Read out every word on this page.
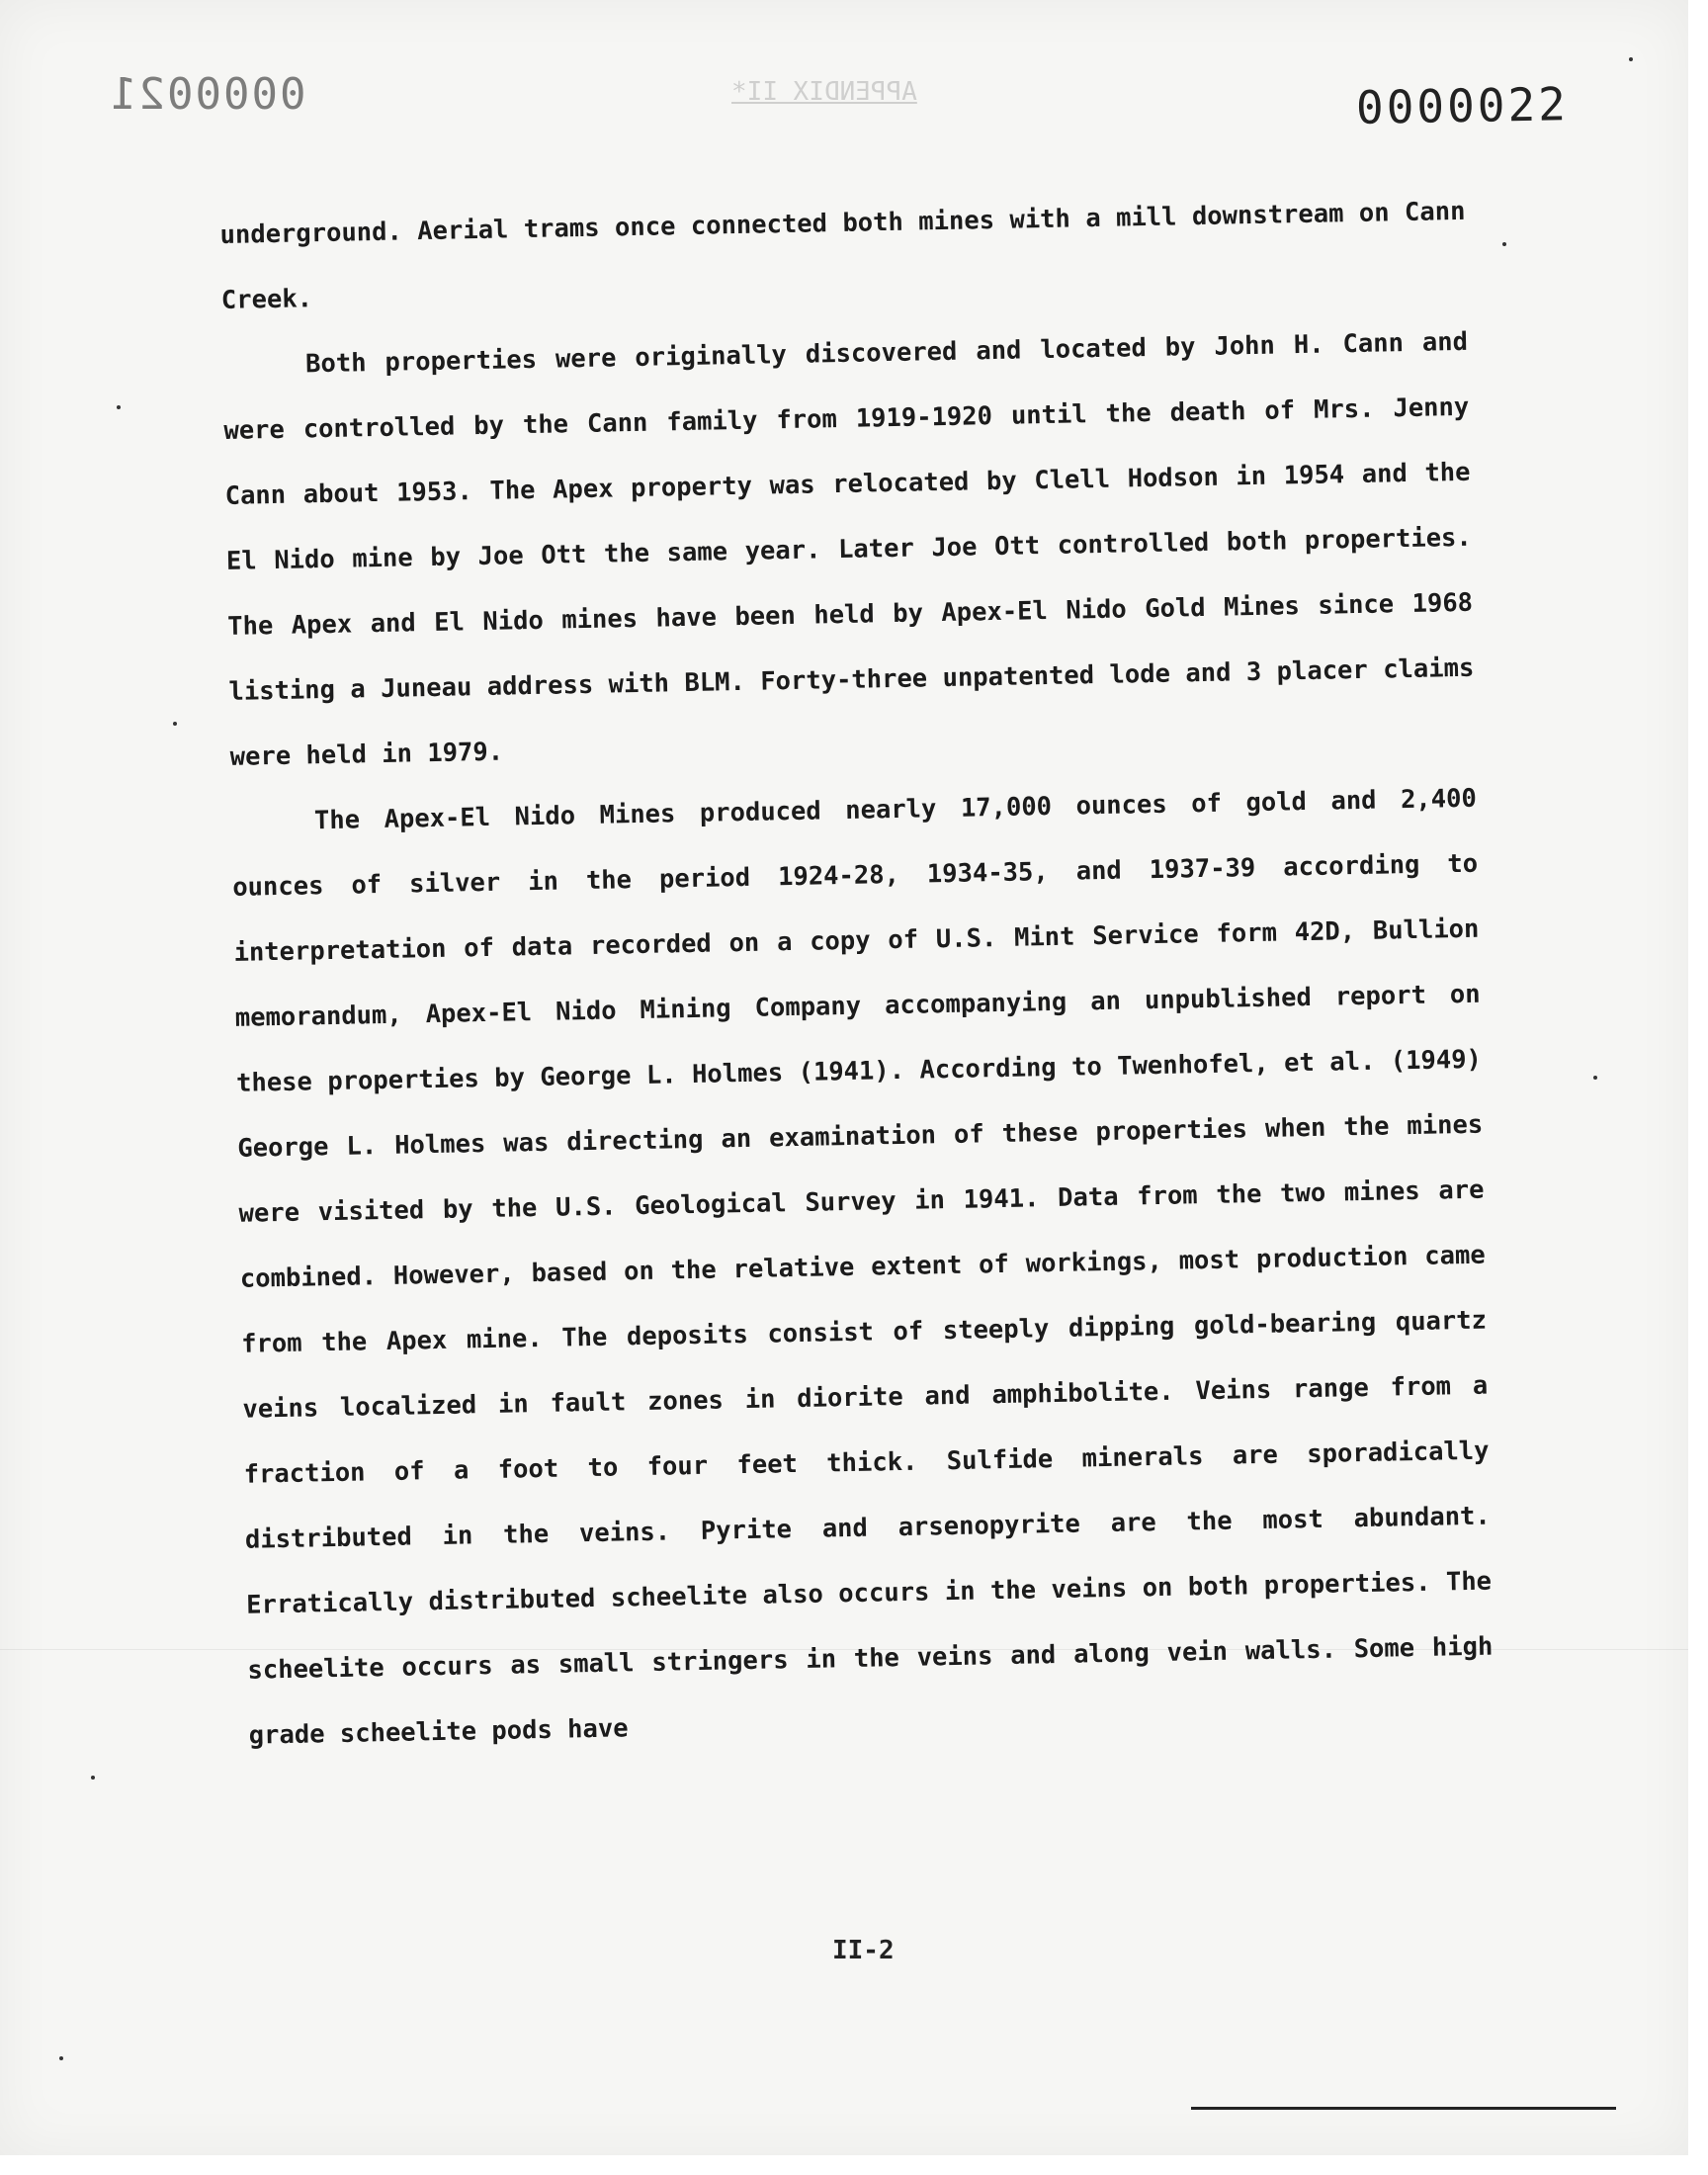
0000021	APPENDIX II*	0000022

underground. Aerial trams once connected both mines with a mill downstream on Cann Creek.

Both properties were originally discovered and located by John H. Cann and were controlled by the Cann family from 1919-1920 until the death of Mrs. Jenny Cann about 1953. The Apex property was relocated by Clell Hodson in 1954 and the El Nido mine by Joe Ott the same year. Later Joe Ott controlled both properties. The Apex and El Nido mines have been held by Apex-El Nido Gold Mines since 1968 listing a Juneau address with BLM. Forty-three unpatented lode and 3 placer claims were held in 1979.

The Apex-El Nido Mines produced nearly 17,000 ounces of gold and 2,400 ounces of silver in the period 1924-28, 1934-35, and 1937-39 according to interpretation of data recorded on a copy of U.S. Mint Service form 42D, Bullion memorandum, Apex-El Nido Mining Company accompanying an unpublished report on these properties by George L. Holmes (1941). According to Twenhofel, et al. (1949) George L. Holmes was directing an examination of these properties when the mines were visited by the U.S. Geological Survey in 1941. Data from the two mines are combined. However, based on the relative extent of workings, most production came from the Apex mine. The deposits consist of steeply dipping gold-bearing quartz veins localized in fault zones in diorite and amphibolite. Veins range from a fraction of a foot to four feet thick. Sulfide minerals are sporadically distributed in the veins. Pyrite and arsenopyrite are the most abundant. Erratically distributed scheelite also occurs in the veins on both properties. The scheelite occurs as small stringers in the veins and along vein walls. Some high grade scheelite pods have

II-2
